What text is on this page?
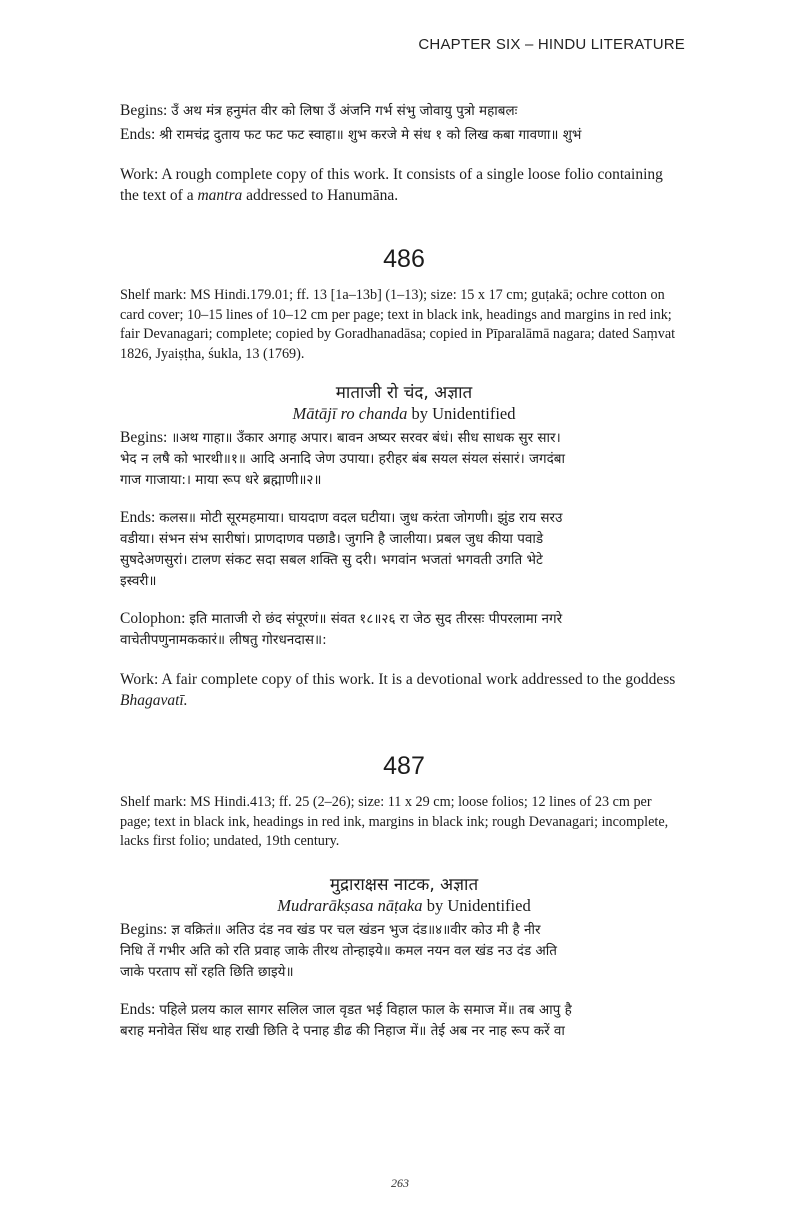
CHAPTER SIX – HINDU LITERATURE

Begins: उँ अथ मंत्र हनुमंत वीर को लिषा उँ अंजनि गर्भ संभु जोवायु पुत्रो महाबलः

Ends: श्री रामचंद्र दुताय फट फट फट स्वाहा॥ शुभ करजे मे संध १ को लिख कबा गावणा॥ शुभं

Work: A rough complete copy of this work. It consists of a single loose folio containing
the text of a mantra addressed to Hanumāna.

486

Shelf mark: MS Hindi.179.01; ff. 13 [1a–13b] (1–13); size: 15 x 17 cm; guṭakā; ochre cotton on
card cover; 10–15 lines of 10–12 cm per page; text in black ink, headings and margins in red ink;
fair Devanagari; complete; copied by Goradhanadāsa; copied in Pīparalāmā nagara; dated Saṃvat
1826, Jyaiṣṭha, śukla, 13 (1769).

माताजी रो चंद, अज्ञात

Mātājī ro chanda by Unidentified

Begins: ॥अथ गाहा॥ उँकार अगाह अपार। बावन अष्यर सरवर बंधं। सीध साधक सुर सार।
भेद न लषै को भारथी॥१॥ आदि अनादि जेण उपाया। हरीहर बंब सयल संयल संसारं। जगदंबा
गाज गाजाया:। माया रूप धरे ब्रह्माणी॥२॥

Ends: कलस॥ मोटी सूरमहमाया। घायदाण वदल घटीया। जुध करंता जोगणी। झुंड राय सरउ
वडीया। संभन संभ सारीषां। प्राणदाणव पछाडै। जुगनि है जालीया। प्रबल जुध कीया पवाडे
सुषदेअणसुरां। टालण संकट सदा सबल शक्ति सु दरी। भगवांन भजतां भगवती उगति भेटे
इस्वरी॥

Colophon: इति माताजी रो छंद संपूरणं॥ संवत १८॥२६ रा जेठ सुद तीरसः पीपरलामा नगरे
वाचेतीपणुनामककारं॥ लीषतु गोरधनदास॥:

Work: A fair complete copy of this work. It is a devotional work addressed to the goddess
Bhagavatī.

487

Shelf mark: MS Hindi.413; ff. 25 (2–26); size: 11 x 29 cm; loose folios; 12 lines of 23 cm per
page; text in black ink, headings in red ink, margins in black ink; rough Devanagari; incomplete,
lacks first folio; undated, 19th century.

मुद्राराक्षस नाटक, अज्ञात

Mudrarākṣasa nāṭaka by Unidentified

Begins: ज्ञ वक्रितं॥ अतिउ दंड नव खंड पर चल खंडन भुज दंड॥४॥वीर कोउ मी है नीर
निधि तें गभीर अति को रति प्रवाह जाके तीरथ तोन्हाइये॥ कमल नयन वल खंड नउ दंड अति
जाके परताप सों रहति छिति छाइये॥

Ends: पहिले प्रलय काल सागर सलिल जाल वृडत भई विहाल फाल के समाज में॥ तब आपु है
बराह मनोवेत सिंध थाह राखी छिति दे पनाह डीढ की निहाज में॥ तेई अब नर नाह रूप करें वा

263
